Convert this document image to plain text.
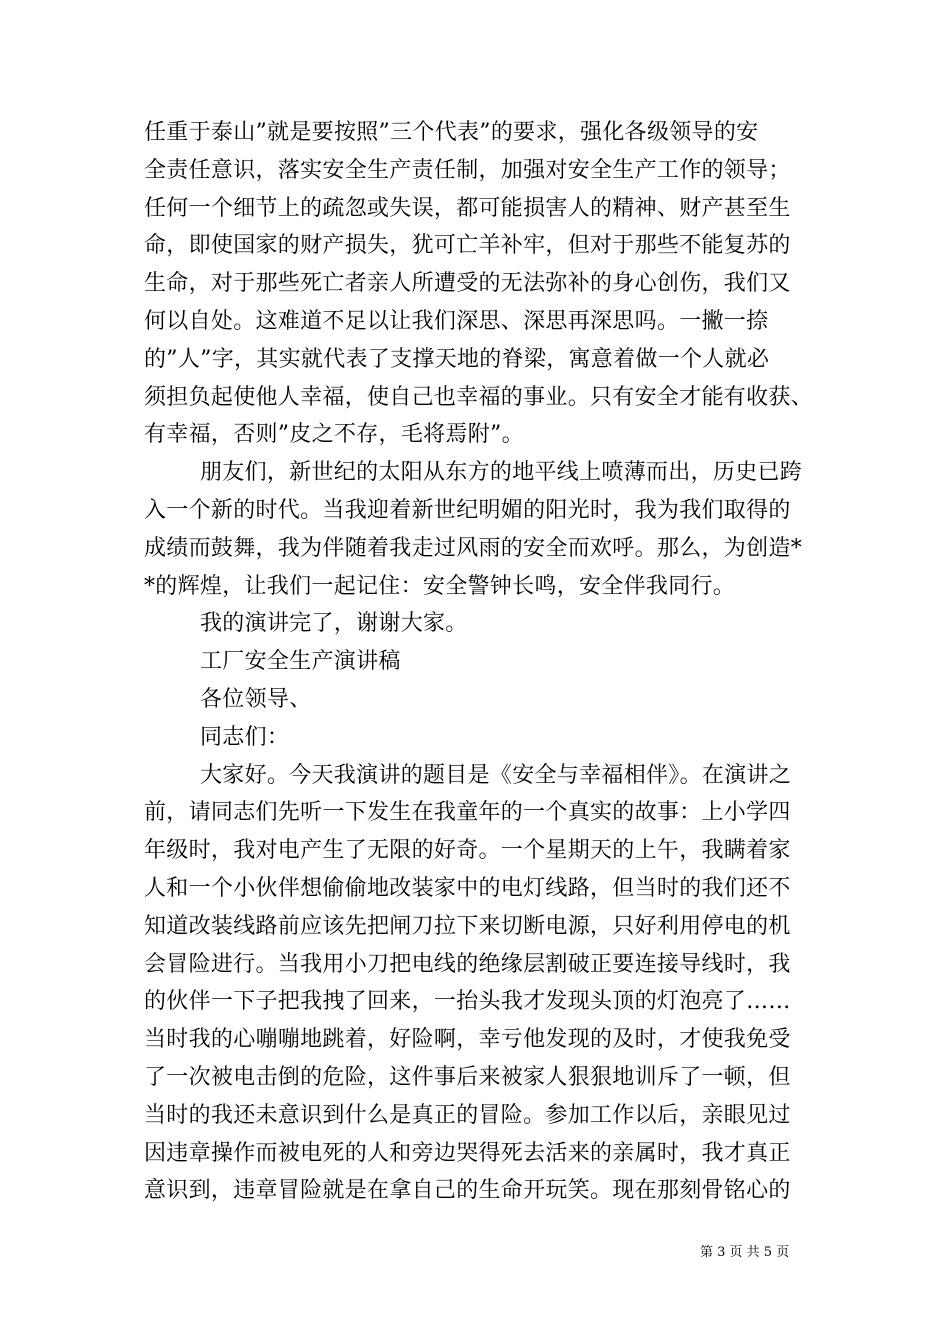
任重于泰山”就是要按照”三个代表”的要求，强化各级领导的安
全责任意识，落实安全生产责任制，加强对安全生产工作的领导；
任何一个细节上的疏忽或失误，都可能损害人的精神、财产甚至生
命，即使国家的财产损失，犹可亡羊补牢，但对于那些不能复苏的
生命，对于那些死亡者亲人所遭受的无法弥补的身心创伤，我们又
何以自处。这难道不足以让我们深思、深思再深思吗。一撇一捺
的”人”字，其实就代表了支撑天地的脊梁，寓意着做一个人就必
须担负起使他人幸福，使自己也幸福的事业。只有安全才能有收获、
有幸福，否则”皮之不存，毛将焉附”。
朋友们，新世纪的太阳从东方的地平线上喷薄而出，历史已跨
入一个新的时代。当我迎着新世纪明媚的阳光时，我为我们取得的
成绩而鼓舞，我为伴随着我走过风雨的安全而欢呼。那么，为创造*
*的辉煌，让我们一起记住：安全警钟长鸣，安全伴我同行。
我的演讲完了，谢谢大家。
工厂安全生产演讲稿
各位领导、
同志们：
大家好。今天我演讲的题目是《安全与幸福相伴》。在演讲之
前，请同志们先听一下发生在我童年的一个真实的故事：上小学四
年级时，我对电产生了无限的好奇。一个星期天的上午，我瞒着家
人和一个小伙伴想偷偷地改装家中的电灯线路，但当时的我们还不
知道改装线路前应该先把闸刀拉下来切断电源，只好利用停电的机
会冒险进行。当我用小刀把电线的绝缘层割破正要连接导线时，我
的伙伴一下子把我拽了回来，一抬头我才发现头顶的灯泡亮了……
当时我的心嘣嘣地跳着，好险啊，幸亏他发现的及时，才使我免受
了一次被电击倒的危险，这件事后来被家人狠狠地训斥了一顿，但
当时的我还未意识到什么是真正的冒险。参加工作以后，亲眼见过
因违章操作而被电死的人和旁边哭得死去活来的亲属时，我才真正
意识到，违章冒险就是在拿自己的生命开玩笑。现在那刻骨铭心的
第 3 页 共 5 页
